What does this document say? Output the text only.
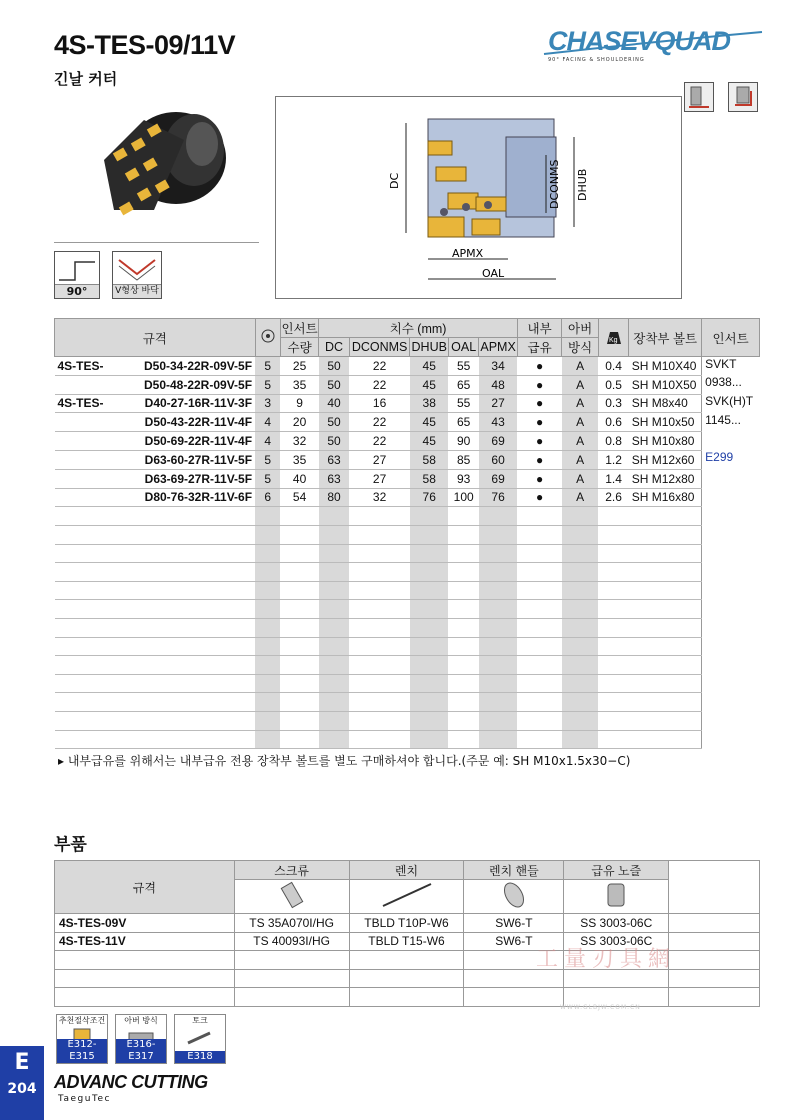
4S-TES-09/11V
긴날 커터
CHASEVQUAD
90° FACING & SHOULDERING
90°	V형상 바닥
DC	DCONMS DHUB
APMX
OAL
규격		인서트	치수 (mm)					내부	아버	Kg	장착부 볼트	인서트
		수량	DC	DCONMS	DHUB	OAL	APMX	급유	방식			
4S-TES- D50-34-22R-09V-5F	5	25	50	22	45	55	34	●	A	0.4	SH M10X40	SVKT

D50-48-22R-09V-5F	5	35	50	22	45	65	48	●	A	0.5	SH M10X50	0938...
4S-TES- D40-27-16R-11V-3F	3	9	40	16	38	55	27	●	A	0.3	SH M8x40	SVK(H)T

D50-43-22R-11V-4F	4	20	50	22	45	65	43	●	A	0.6	SH M10x50	1145...

D50-69-22R-11V-4F	4	32	50	22	45	90	69	●	A	0.8	SH M10x80	

D63-60-27R-11V-5F	5	35	63	27	58	85	60	●	A	1.2	SH M12x60	E299

D63-69-27R-11V-5F	5	40	63	27	58	93	69	●	A	1.4	SH M12x80	

D80-76-32R-11V-6F	6	54	80	32	76	100	76	●	A	2.6	SH M16x80	

▸ 내부급유를 위해서는 내부급유 전용 장착부 볼트를 별도 구매하셔야 합니다.(주문 예: SH M10x1.5x30−C)
부품
규격	스크류	렌치	렌치 핸들	급유 노즐	

4S-TES-09V	TS 35A070I/HG	TBLD T10P-W6	SW6-T	SS 3003-06C	
4S-TES-11V	TS 40093I/HG	TBLD T15-W6	SW6-T	SS 3003-06C	

工量刃具網
WWW.GLBJW.COM.CN
추천절삭조건
E312-E315
아버 방식
E316-E317
토크
E318
E
204 ADVANC CUTTING
TaeguTec
